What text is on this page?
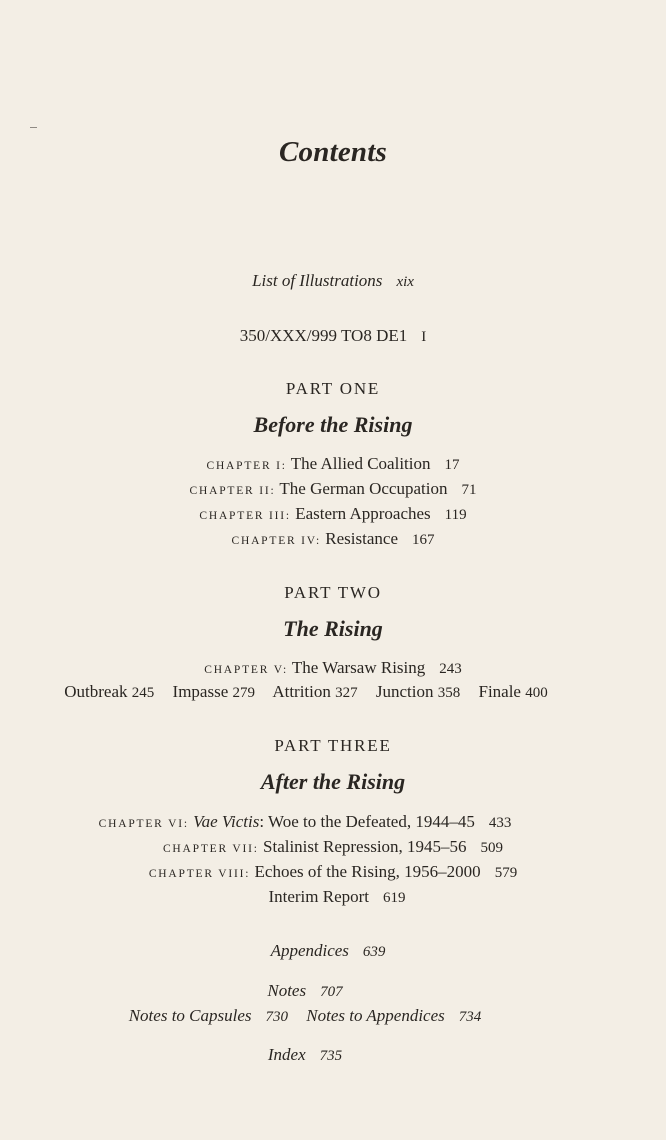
Contents
List of Illustrations xix
350/XXX/999 TO8 DE1 I
PART ONE
Before the Rising
CHAPTER I: The Allied Coalition 17
CHAPTER II: The German Occupation 71
CHAPTER III: Eastern Approaches 119
CHAPTER IV: Resistance 167
PART TWO
The Rising
CHAPTER V: The Warsaw Rising 243
Outbreak 245 Impasse 279 Attrition 327 Junction 358 Finale 400
PART THREE
After the Rising
CHAPTER VI: Vae Victis: Woe to the Defeated, 1944–45 433
CHAPTER VII: Stalinist Repression, 1945–56 509
CHAPTER VIII: Echoes of the Rising, 1956–2000 579
Interim Report 619
Appendices 639
Notes 707
Notes to Capsules 730 Notes to Appendices 734
Index 735
